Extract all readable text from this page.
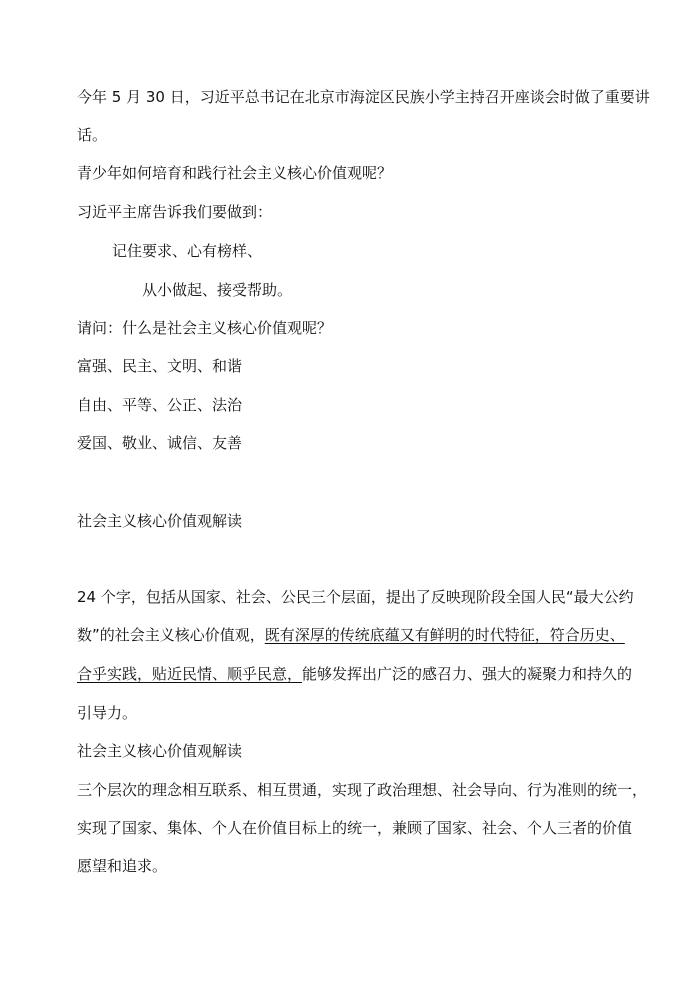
今年 5 月 30 日，习近平总书记在北京市海淀区民族小学主持召开座谈会时做了重要讲
话。
青少年如何培育和践行社会主义核心价值观呢？
习近平主席告诉我们要做到：
记住要求、心有榜样、
从小做起、接受帮助。
请问：什么是社会主义核心价值观呢？
富强、民主、文明、和谐
自由、平等、公正、法治
爱国、敬业、诚信、友善
社会主义核心价值观解读
24 个字，包括从国家、社会、公民三个层面，提出了反映现阶段全国人民“最大公约
数”的社会主义核心价值观，既有深厚的传统底蕴又有鲜明的时代特征，符合历史、
合乎实践，贴近民情、顺乎民意，能够发挥出广泛的感召力、强大的凝聚力和持久的
引导力。
社会主义核心价值观解读
三个层次的理念相互联系、相互贯通，实现了政治理想、社会导向、行为准则的统一，
实现了国家、集体、个人在价值目标上的统一，兼顾了国家、社会、个人三者的价值
愿望和追求。
